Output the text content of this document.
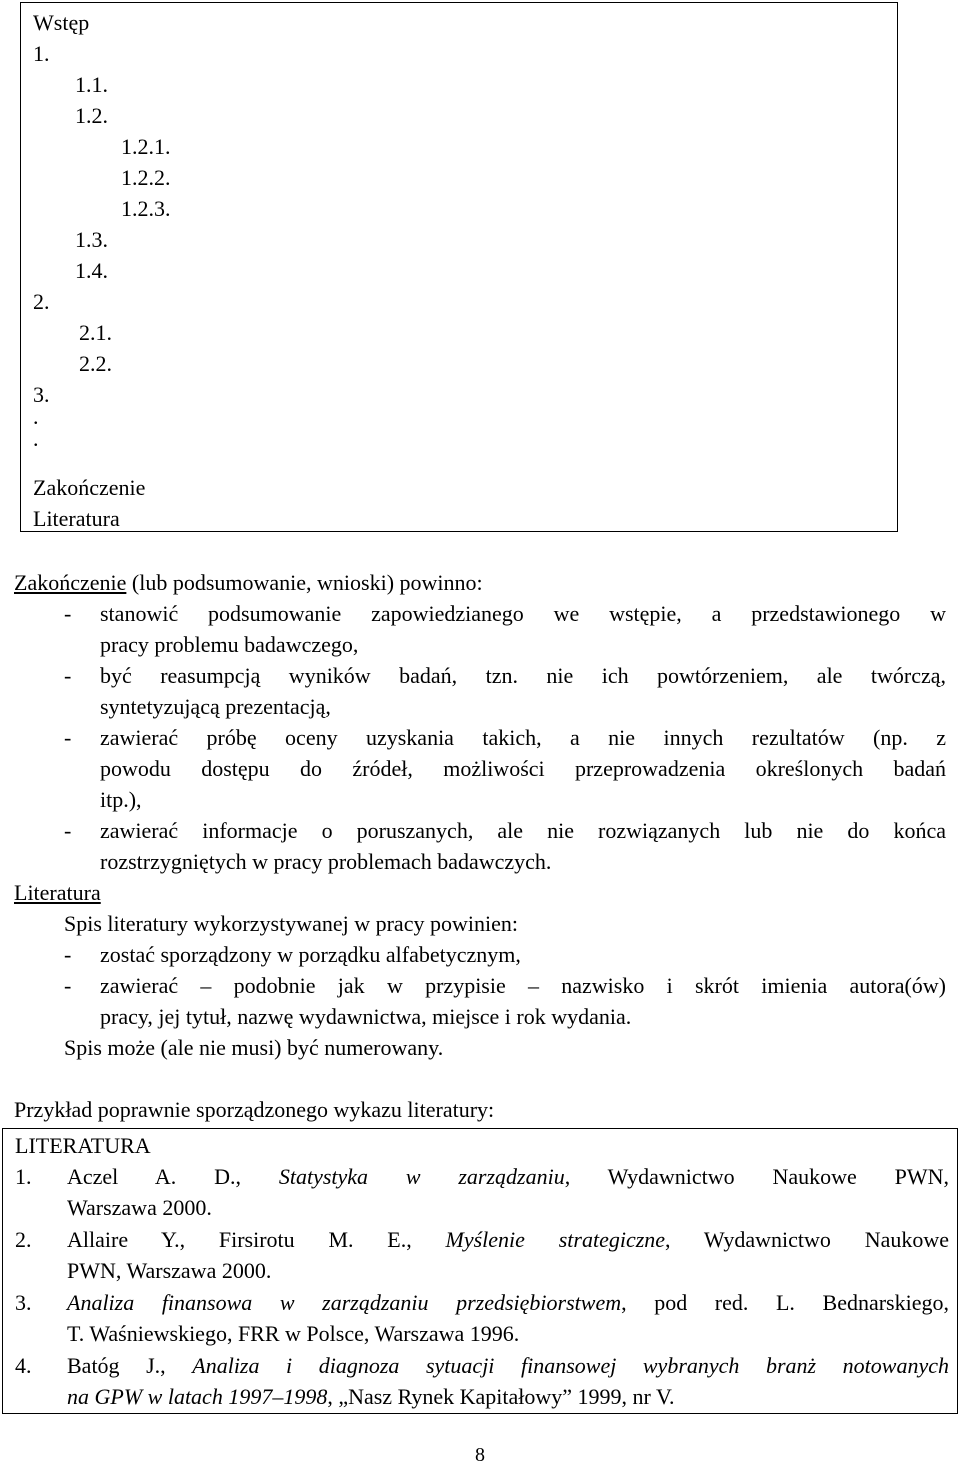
Wstęp
1.
1.1.
1.2.
1.2.1.
1.2.2.
1.2.3.
1.3.
1.4.
2.
2.1.
2.2.
3.
.
.
Zakończenie
Literatura
Zakończenie (lub podsumowanie, wnioski) powinno:
- stanowić podsumowanie zapowiedzianego we wstępie, a przedstawionego w
pracy problemu badawczego,
- być reasumpcją wyników badań, tzn. nie ich powtórzeniem, ale twórczą,
syntetyzującą prezentacją,
- zawierać próbę oceny uzyskania takich, a nie innych rezultatów (np. z
powodu dostępu do źródeł, możliwości przeprowadzenia określonych badań
itp.),
- zawierać informacje o poruszanych, ale nie rozwiązanych lub nie do końca
rozstrzygniętych w pracy problemach badawczych.
Literatura
Spis literatury wykorzystywanej w pracy powinien:
- zostać sporządzony w porządku alfabetycznym,
- zawierać – podobnie jak w przypisie – nazwisko i skrót imienia autora(ów)
pracy, jej tytuł, nazwę wydawnictwa, miejsce i rok wydania.
Spis może (ale nie musi) być numerowany.
Przykład poprawnie sporządzonego wykazu literatury:
LITERATURA
1. Aczel A. D., Statystyka w zarządzaniu, Wydawnictwo Naukowe PWN,
Warszawa 2000.
2. Allaire Y., Firsirotu M. E., Myślenie strategiczne, Wydawnictwo Naukowe
PWN, Warszawa 2000.
3. Analiza finansowa w zarządzaniu przedsiębiorstwem, pod red. L. Bednarskiego,
T. Waśniewskiego, FRR w Polsce, Warszawa 1996.
4. Batóg J., Analiza i diagnoza sytuacji finansowej wybranych branż notowanych
na GPW w latach 1997–1998, „Nasz Rynek Kapitałowy” 1999, nr V.
8
